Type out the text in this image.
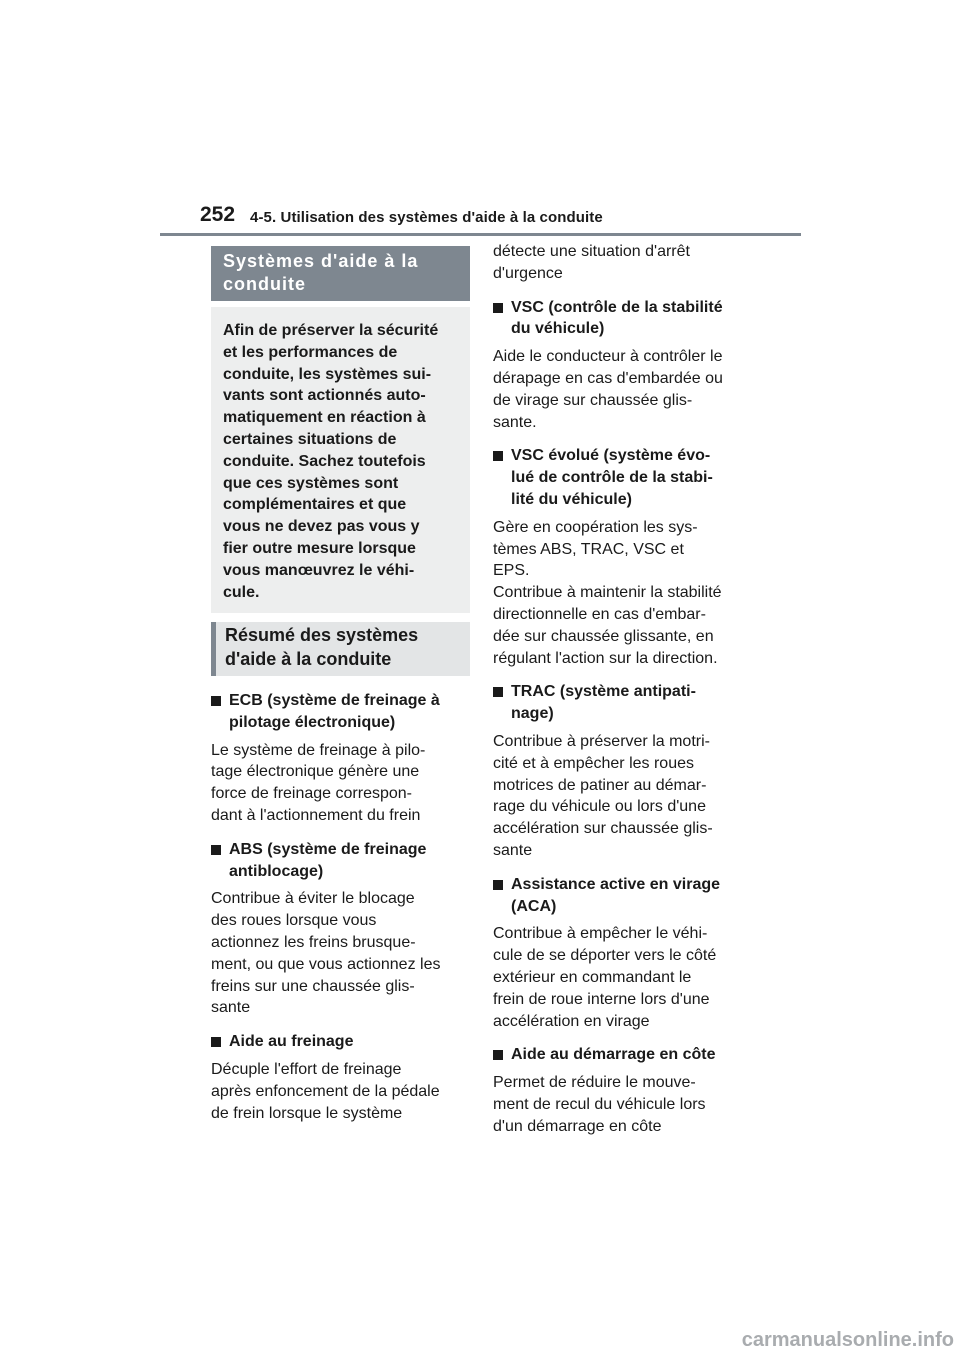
252 4-5. Utilisation des systèmes d'aide à la conduite
Systèmes d'aide à la
conduite
Afin de préserver la sécurité
et les performances de
conduite, les systèmes sui-
vants sont actionnés auto-
matiquement en réaction à
certaines situations de
conduite. Sachez toutefois
que ces systèmes sont
complémentaires et que
vous ne devez pas vous y
fier outre mesure lorsque
vous manœuvrez le véhi-
cule.
Résumé des systèmes
d'aide à la conduite
ECB (système de freinage à
pilotage électronique)
Le système de freinage à pilo-
tage électronique génère une
force de freinage correspon-
dant à l'actionnement du frein
ABS (système de freinage
antiblocage)
Contribue à éviter le blocage
des roues lorsque vous
actionnez les freins brusque-
ment, ou que vous actionnez les
freins sur une chaussée glis-
sante
Aide au freinage
Décuple l'effort de freinage
après enfoncement de la pédale
de frein lorsque le système
détecte une situation d'arrêt
d'urgence
VSC (contrôle de la stabilité
du véhicule)
Aide le conducteur à contrôler le
dérapage en cas d'embardée ou
de virage sur chaussée glis-
sante.
VSC évolué (système évo-
lué de contrôle de la stabi-
lité du véhicule)
Gère en coopération les sys-
tèmes ABS, TRAC, VSC et
EPS.
Contribue à maintenir la stabilité
directionnelle en cas d'embar-
dée sur chaussée glissante, en
régulant l'action sur la direction.
TRAC (système antipati-
nage)
Contribue à préserver la motri-
cité et à empêcher les roues
motrices de patiner au démar-
rage du véhicule ou lors d'une
accélération sur chaussée glis-
sante
Assistance active en virage
(ACA)
Contribue à empêcher le véhi-
cule de se déporter vers le côté
extérieur en commandant le
frein de roue interne lors d'une
accélération en virage
Aide au démarrage en côte
Permet de réduire le mouve-
ment de recul du véhicule lors
d'un démarrage en côte
carmanualsonline.info
